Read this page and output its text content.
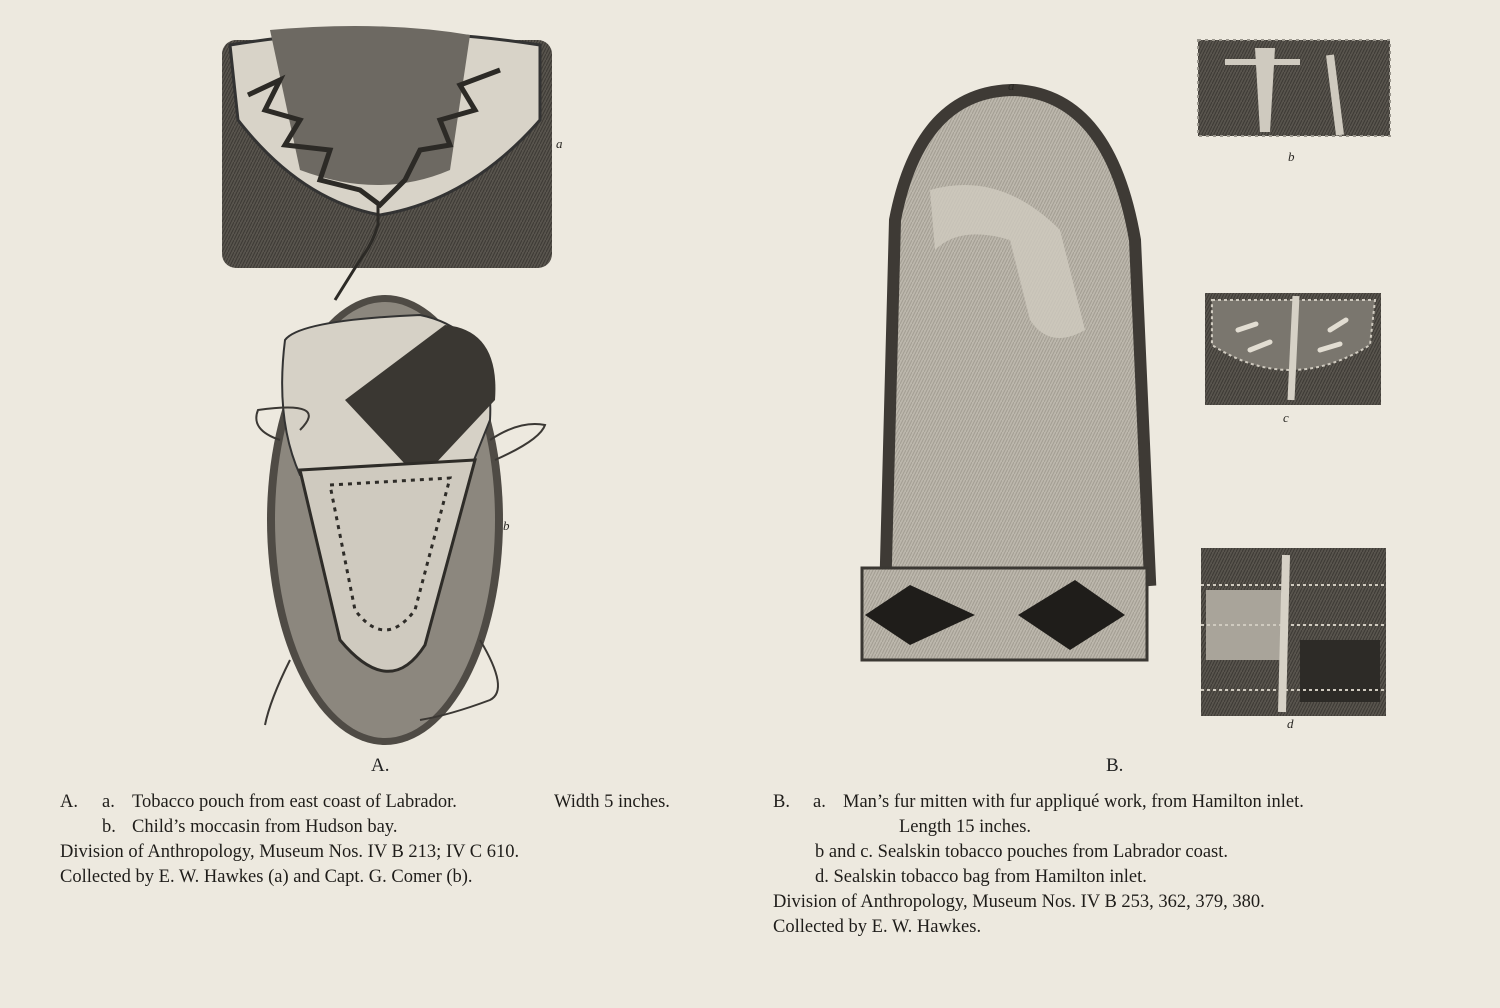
a
b
a
b
c
d
A.	B.
A. a. Tobacco pouch from east coast of Labrador.	Width 5 inches.
b. Child’s moccasin from Hudson bay.
Division of Anthropology, Museum Nos. IV B 213; IV C 610.
Collected by E. W. Hawkes (a) and Capt. G. Comer (b).
B. a. Man’s fur mitten with fur appliqué work, from Hamilton inlet.
Length 15 inches.
b and c. Sealskin tobacco pouches from Labrador coast.
d. Sealskin tobacco bag from Hamilton inlet.
Division of Anthropology, Museum Nos. IV B 253, 362, 379, 380.
Collected by E. W. Hawkes.
